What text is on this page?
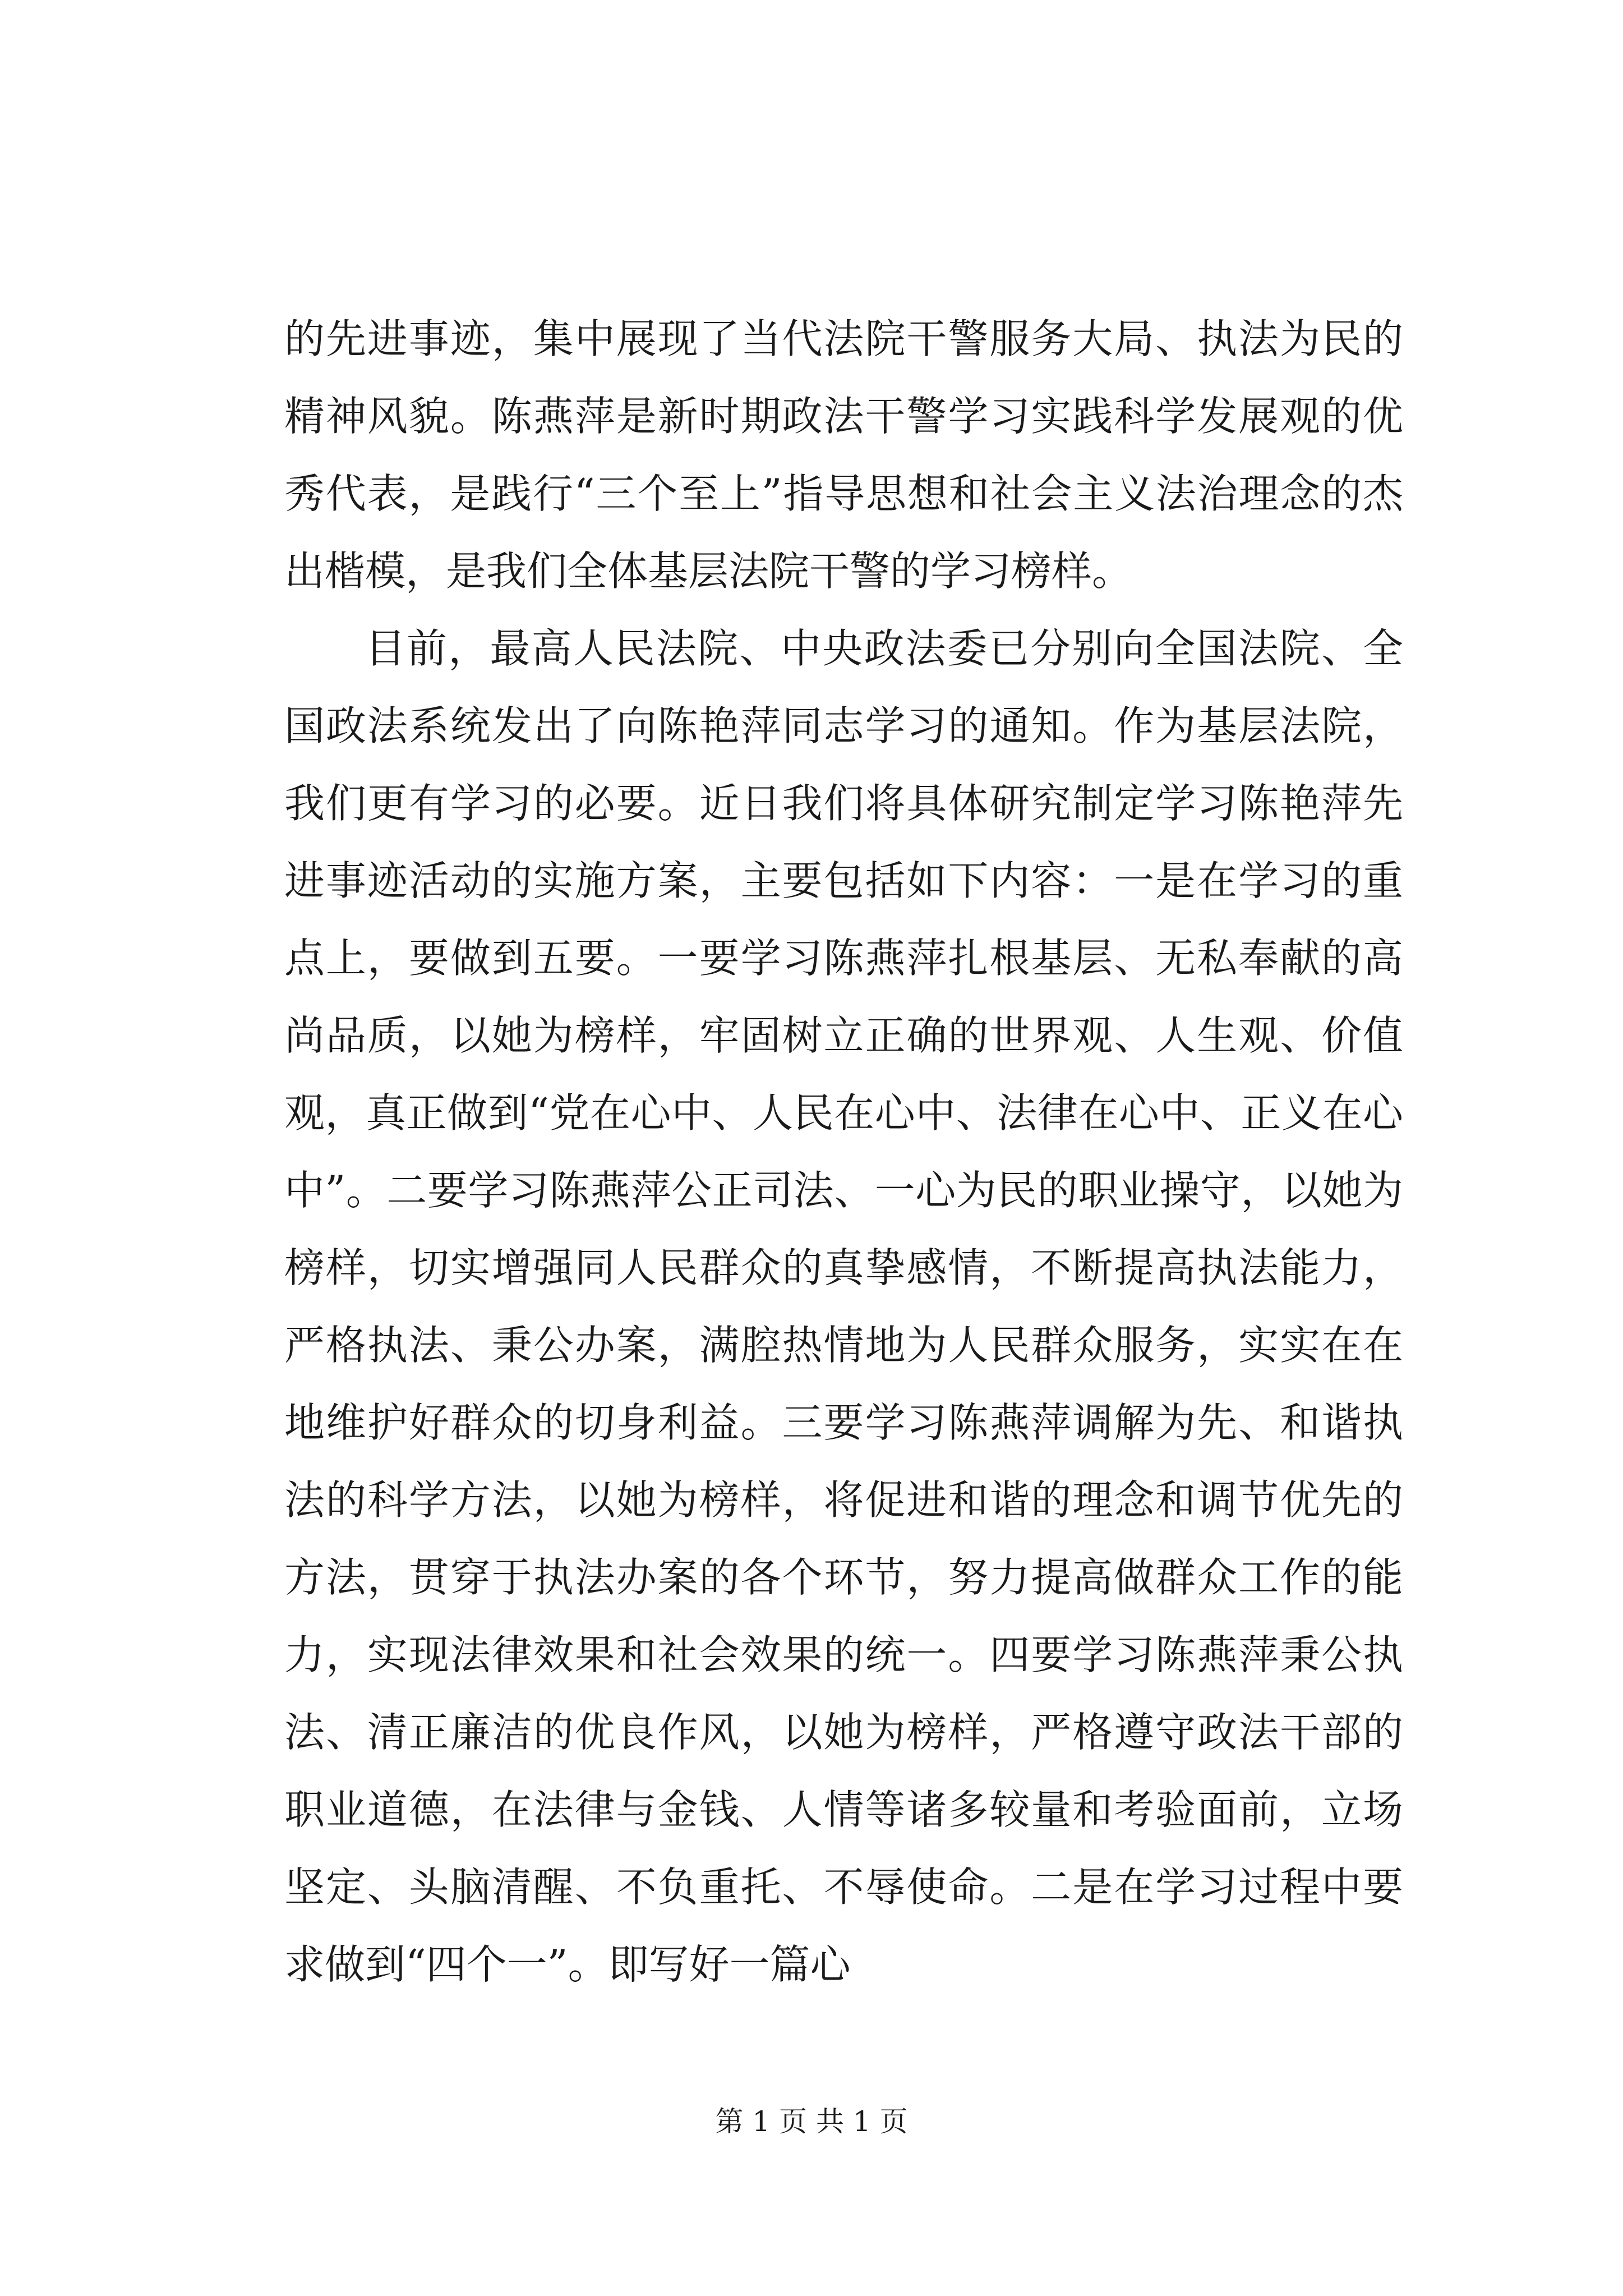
的先进事迹，集中展现了当代法院干警服务大局、执法为民的精神风貌。陈燕萍是新时期政法干警学习实践科学发展观的优秀代表，是践行“三个至上”指导思想和社会主义法治理念的杰出楷模，是我们全体基层法院干警的学习榜样。

目前，最高人民法院、中央政法委已分别向全国法院、全国政法系统发出了向陈艳萍同志学习的通知。作为基层法院，我们更有学习的必要。近日我们将具体研究制定学习陈艳萍先进事迹活动的实施方案，主要包括如下内容：一是在学习的重点上，要做到五要。一要学习陈燕萍扎根基层、无私奉献的高尚品质，以她为榜样，牢固树立正确的世界观、人生观、价值观，真正做到“党在心中、人民在心中、法律在心中、正义在心中”。二要学习陈燕萍公正司法、一心为民的职业操守，以她为榜样，切实增强同人民群众的真挚感情，不断提高执法能力，严格执法、秉公办案，满腔热情地为人民群众服务，实实在在地维护好群众的切身利益。三要学习陈燕萍调解为先、和谐执法的科学方法，以她为榜样，将促进和谐的理念和调节优先的方法，贯穿于执法办案的各个环节，努力提高做群众工作的能力，实现法律效果和社会效果的统一。四要学习陈燕萍秉公执法、清正廉洁的优良作风，以她为榜样，严格遵守政法干部的职业道德，在法律与金钱、人情等诸多较量和考验面前，立场坚定、头脑清醒、不负重托、不辱使命。二是在学习过程中要求做到“四个一”。即写好一篇心

第 1 页 共 1 页
